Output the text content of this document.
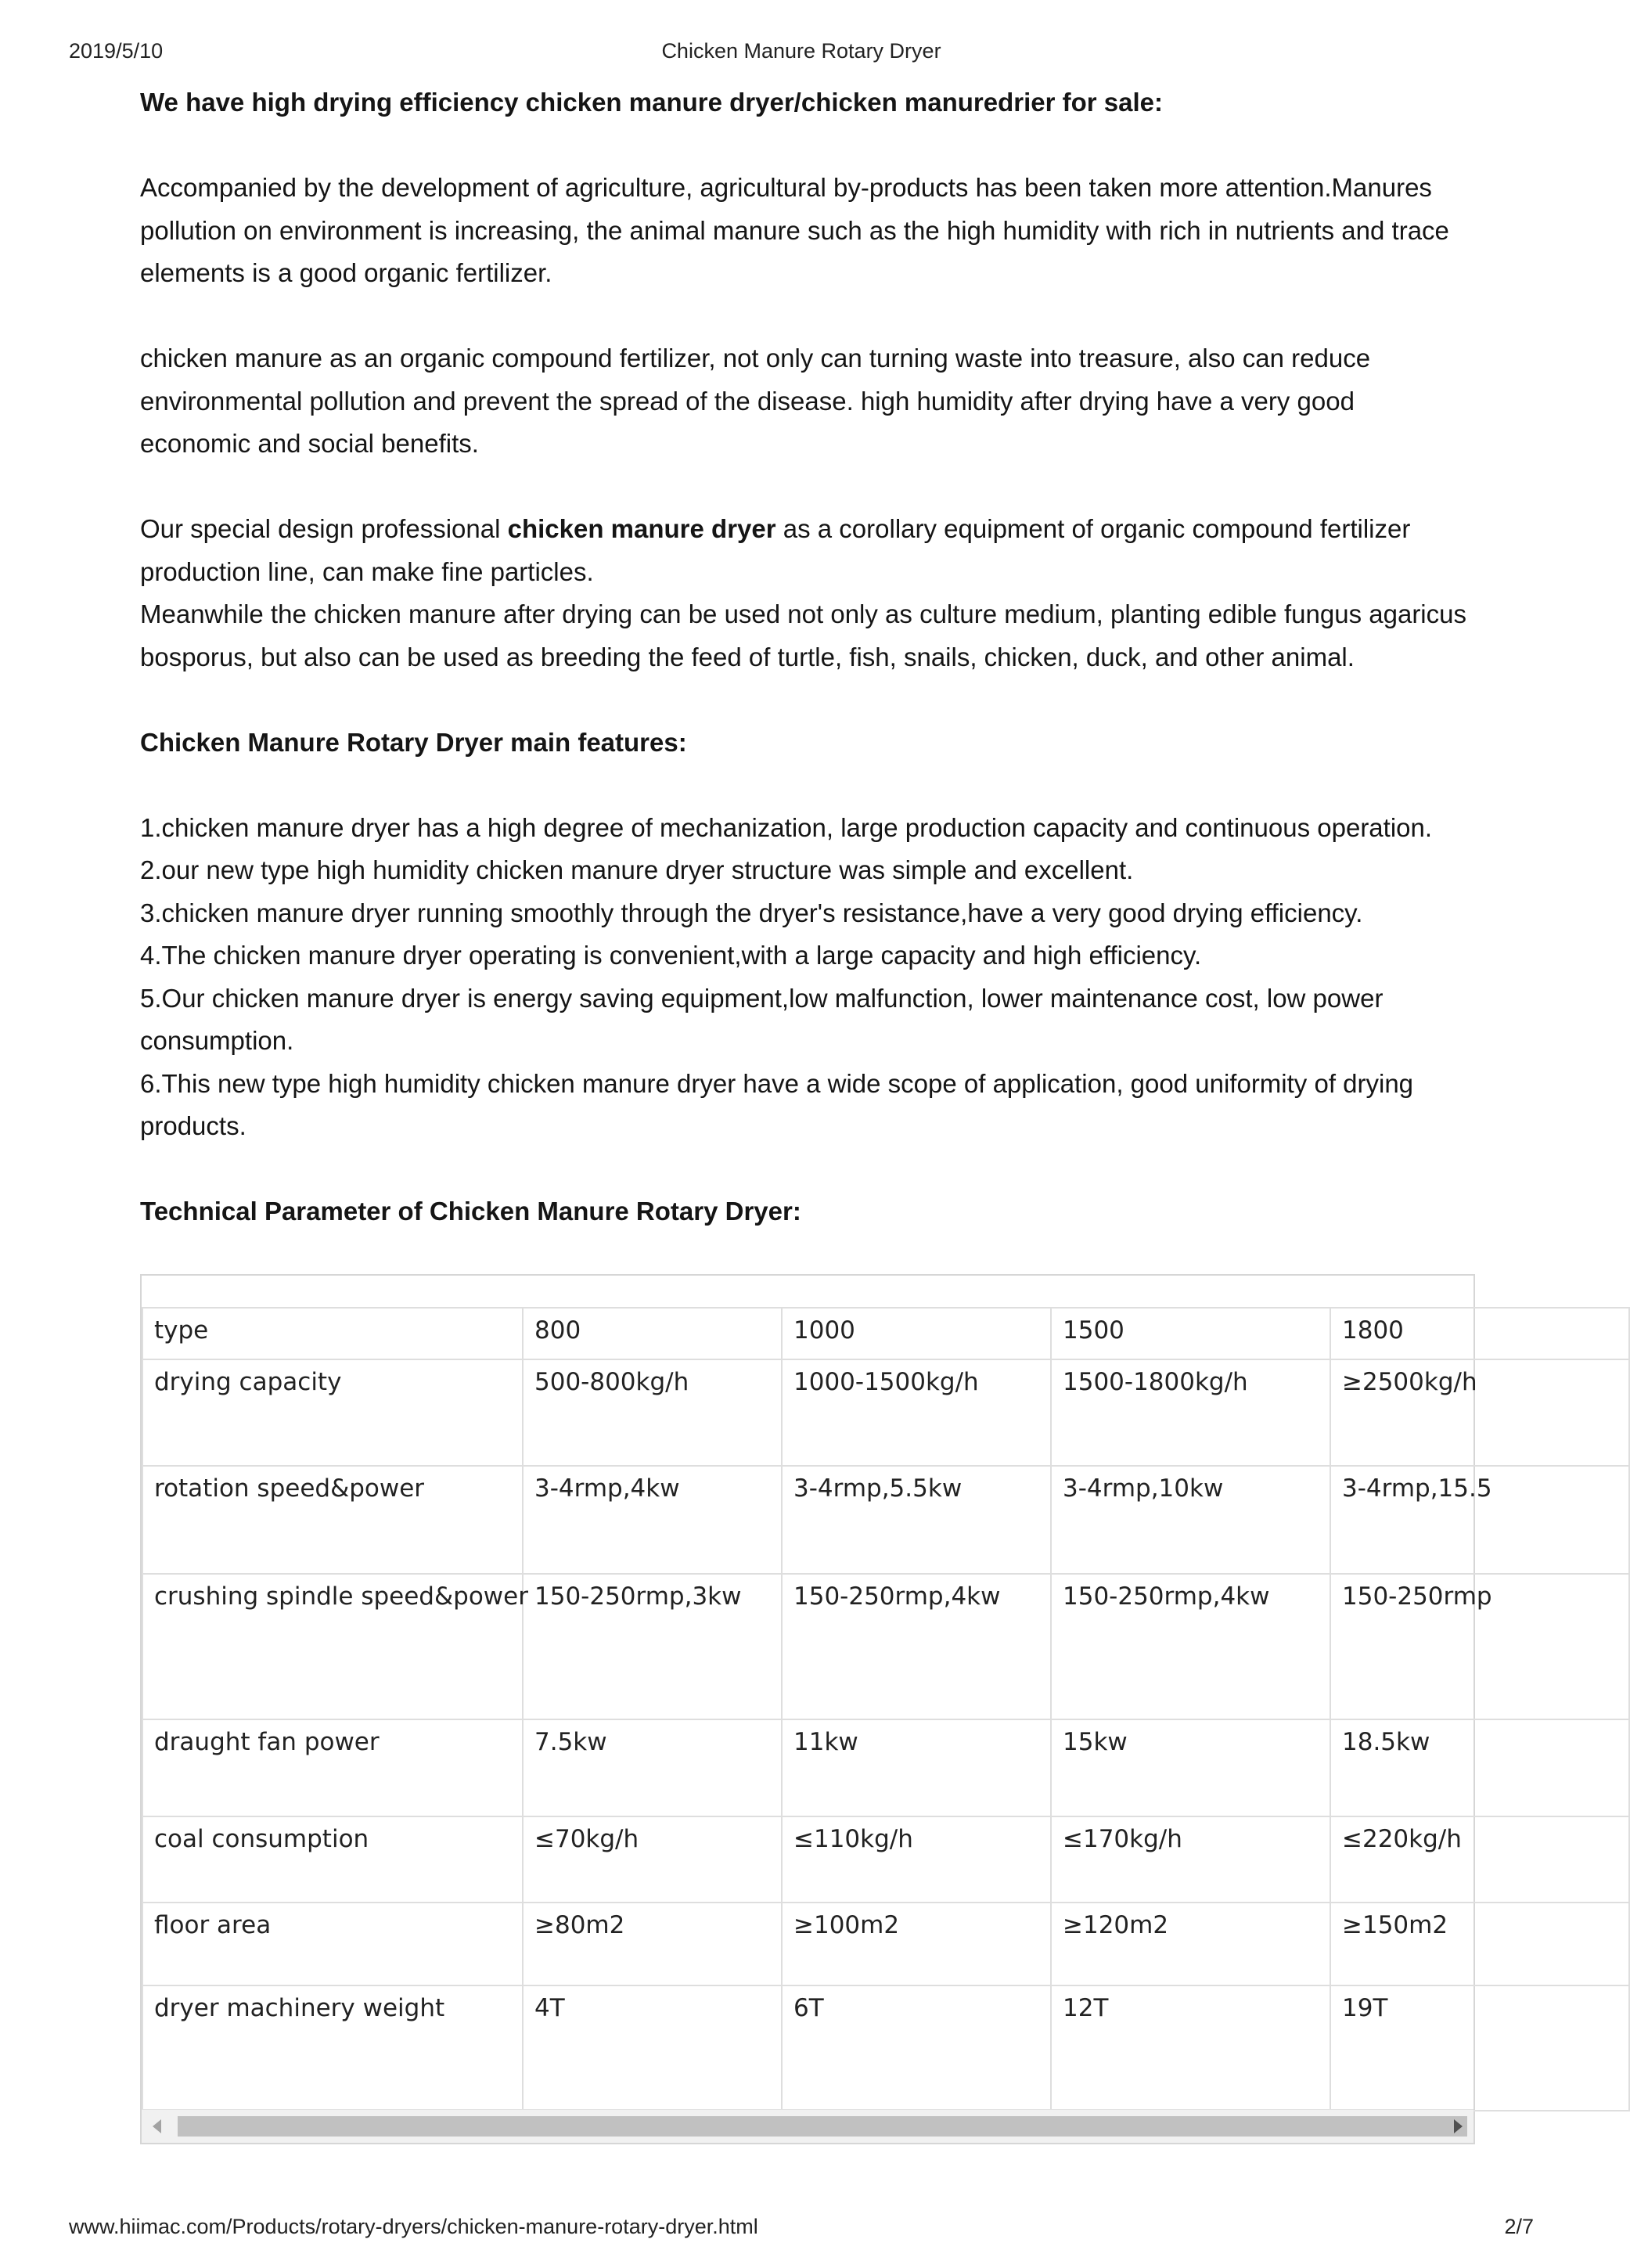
2019/5/10	Chicken Manure Rotary Dryer

We have high drying efficiency chicken manure dryer/chicken manuredrier for sale:

Accompanied by the development of agriculture, agricultural by-products has been taken more attention.Manures pollution on environment is increasing, the animal manure such as the high humidity with rich in nutrients and trace elements is a good organic fertilizer.

chicken manure as an organic compound fertilizer, not only can turning waste into treasure, also can reduce environmental pollution and prevent the spread of the disease. high humidity after drying have a very good economic and social benefits.

Our special design professional chicken manure dryer as a corollary equipment of organic compound fertilizer production line, can make fine particles.

Meanwhile the chicken manure after drying can be used not only as culture medium, planting edible fungus agaricus bosporus, but also can be used as breeding the feed of turtle, fish, snails, chicken, duck, and other animal.

Chicken Manure Rotary Dryer main features:

1.chicken manure dryer has a high degree of mechanization, large production capacity and continuous operation.

2.our new type high humidity chicken manure dryer structure was simple and excellent.

3.chicken manure dryer running smoothly through the dryer's resistance,have a very good drying efficiency.

4.The chicken manure dryer operating is convenient,with a large capacity and high efficiency.

5.Our chicken manure dryer is energy saving equipment,low malfunction, lower maintenance cost, low power consumption.

6.This new type high humidity chicken manure dryer have a wide scope of application, good uniformity of drying products.

Technical Parameter of Chicken Manure Rotary Dryer:

type	800	1000	1500	1800
drying capacity	500-800kg/h	1000-1500kg/h	1500-1800kg/h	≥2500kg/h
rotation speed&power	3-4rmp,4kw	3-4rmp,5.5kw	3-4rmp,10kw	3-4rmp,15.5
crushing spindle speed&power	150-250rmp,3kw	150-250rmp,4kw	150-250rmp,4kw	150-250rmp
draught fan power	7.5kw	11kw	15kw	18.5kw
coal consumption	≤70kg/h	≤110kg/h	≤170kg/h	≤220kg/h
floor area	≥80m2	≥100m2	≥120m2	≥150m2
dryer machinery weight	4T	6T	12T	19T
www.hiimac.com/Products/rotary-dryers/chicken-manure-rotary-dryer.html	2/7
